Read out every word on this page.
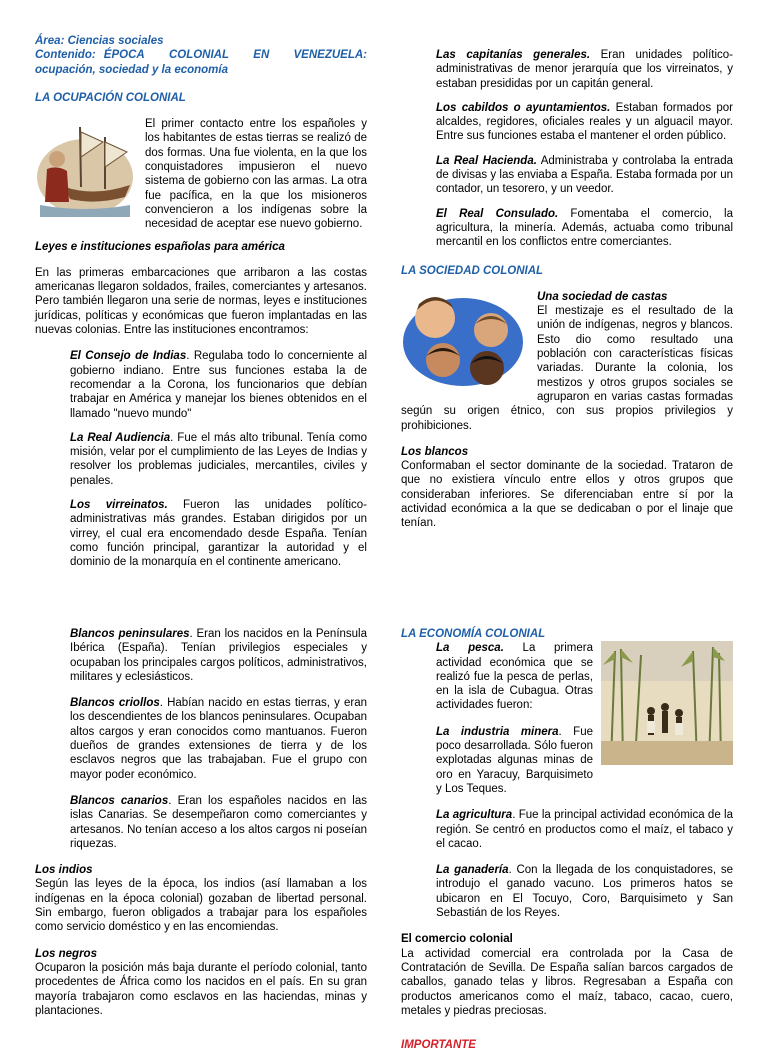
Área: Ciencias sociales
Contenido: ÉPOCA   COLONIAL   EN   VENEZUELA:
ocupación, sociedad y la economía
LA OCUPACIÓN COLONIAL

El primer contacto entre los españoles y los habitantes de estas tierras se realizó de dos formas. Una fue violenta, en la que los conquistadores impusieron el nuevo sistema de gobierno con las armas. La otra fue pacífica, en la que los misioneros convencieron a los indígenas sobre la necesidad de aceptar ese nuevo gobierno.

Leyes e instituciones españolas para américa

En las primeras embarcaciones que arribaron a las costas americanas llegaron soldados, frailes, comerciantes y artesanos. Pero también llegaron una serie de normas, leyes e instituciones jurídicas, políticas y económicas que fueron implantadas en las nuevas colonias. Entre las instituciones encontramos:

El Consejo de Indias. Regulaba todo lo concerniente al gobierno indiano. Entre sus funciones estaba la de recomendar a la Corona, los funcionarios que debían trabajar en América y manejar los bienes obtenidos en el llamado "nuevo mundo"

La Real Audiencia. Fue el más alto tribunal. Tenía como misión, velar por el cumplimiento de las Leyes de Indias y resolver los problemas judiciales, mercantiles, civiles y penales.

Los virreinatos. Fueron las unidades político-administrativas más grandes. Estaban dirigidos por un virrey, el cual era encomendado desde España. Tenían como función principal, garantizar la autoridad y el dominio de la monarquía en el continente americano.

Las capitanías generales. Eran unidades político-administrativas de menor jerarquía que los virreinatos, y estaban presididas por un capitán general.

Los cabildos o ayuntamientos. Estaban formados por alcaldes, regidores, oficiales reales y un alguacil mayor. Entre sus funciones estaba el mantener el orden público.

La Real Hacienda. Administraba y controlaba la entrada de divisas y las enviaba a España. Estaba formada por un contador, un tesorero, y un veedor.

El Real Consulado. Fomentaba el comercio, la agricultura, la minería. Además, actuaba como tribunal mercantil en los conflictos entre comerciantes.

LA SOCIEDAD COLONIAL

Una sociedad de castas

El mestizaje es el resultado de la unión de indígenas, negros y blancos. Esto dio como resultado una población con características físicas variadas. Durante la colonia, los mestizos y otros grupos sociales se agruparon en varias castas formadas según su origen étnico, con sus propios privilegios y prohibiciones.

Los blancos

Conformaban el sector dominante de la sociedad. Trataron de que no existiera vínculo entre ellos y otros grupos que consideraban inferiores. Se diferenciaban entre sí por la actividad económica a la que se dedicaban o por el linaje que tenían.

Blancos peninsulares. Eran los nacidos en la Península Ibérica (España). Tenían privilegios especiales y ocupaban los principales cargos políticos, administrativos, militares y eclesiásticos.

Blancos criollos. Habían nacido en estas tierras, y eran los descendientes de los blancos peninsulares. Ocupaban altos cargos y eran conocidos como mantuanos. Fueron dueños de grandes extensiones de tierra y de los esclavos negros que las trabajaban. Fue el grupo con mayor poder económico.

Blancos canarios. Eran los españoles nacidos en las islas Canarias. Se desempeñaron como comerciantes y artesanos. No tenían acceso a los altos cargos ni poseían riquezas.

Los indios

Según las leyes de la época, los indios (así llamaban a los indígenas en la época colonial) gozaban de libertad personal. Sin embargo, fueron obligados a trabajar para los españoles como servicio doméstico y en las encomiendas.

Los negros

Ocuparon la posición más baja durante el período colonial, tanto procedentes de África como los nacidos en el país. En su gran mayoría trabajaron como esclavos en las haciendas, minas y plantaciones.

LA ECONOMÍA COLONIAL

La pesca. La primera actividad económica que se realizó fue la pesca de perlas, en la isla de Cubagua. Otras actividades fueron:

La industria minera. Fue poco desarrollada. Sólo fueron explotadas algunas minas de oro en Yaracuy, Barquisimeto y Los Teques.

La agricultura. Fue la principal actividad económica de la región. Se centró en productos como el maíz, el tabaco y el cacao.

La ganadería. Con la llegada de los conquistadores, se introdujo el ganado vacuno. Los primeros hatos se ubicaron en El Tocuyo, Coro, Barquisimeto y San Sebastián de los Reyes.

El comercio colonial

La actividad comercial era controlada por la Casa de Contratación de Sevilla. De España salían barcos cargados de caballos, ganado telas y libros. Regresaban a España con productos americanos como el maíz, tabaco, cacao, cuero, metales y piedras preciosas.

IMPORTANTE
